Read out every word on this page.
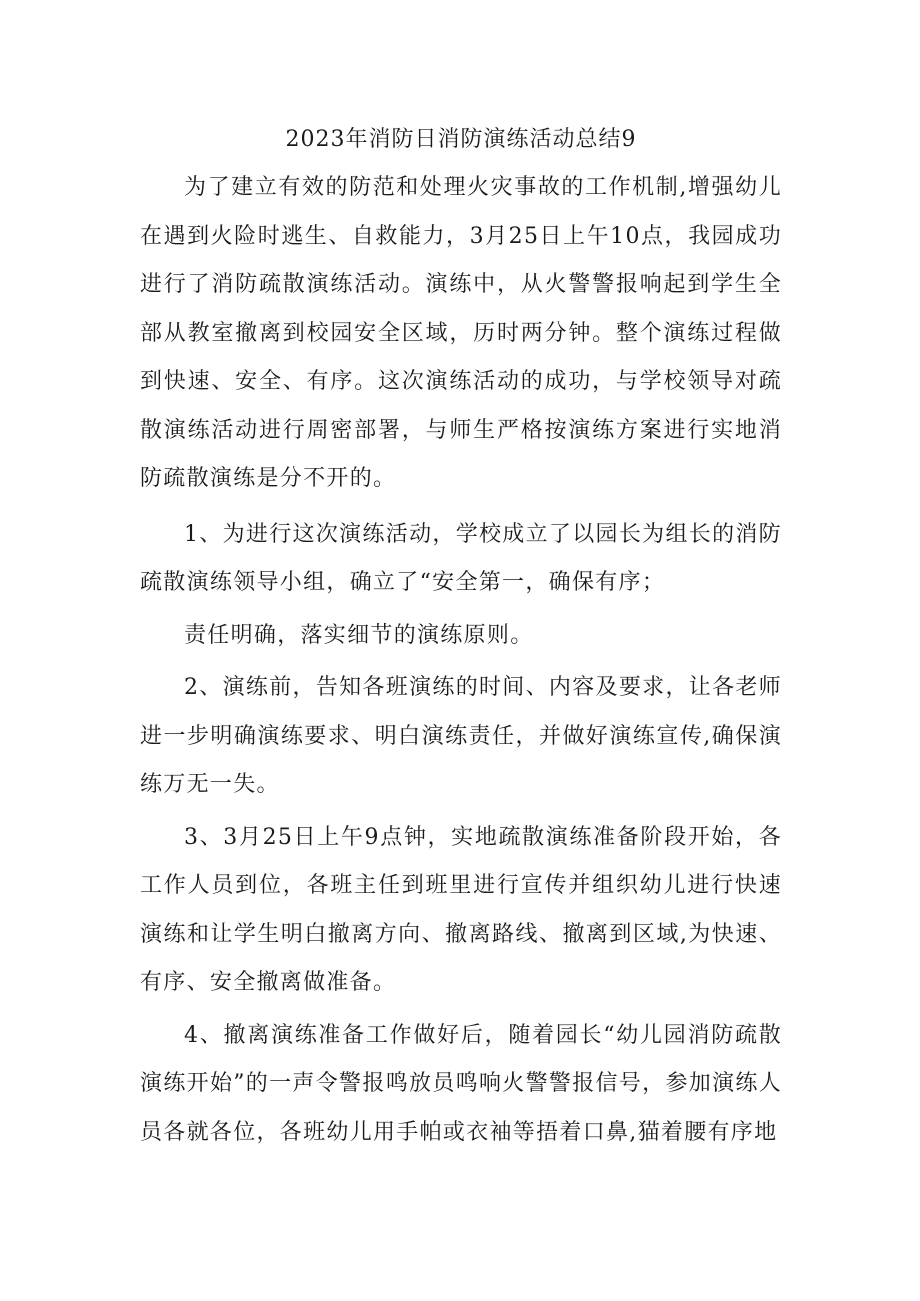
2023年消防日消防演练活动总结9

为了建立有效的防范和处理火灾事故的工作机制,增强幼儿在遇到火险时逃生、自救能力，3月25日上午10点，我园成功进行了消防疏散演练活动。演练中，从火警警报响起到学生全部从教室撤离到校园安全区域，历时两分钟。整个演练过程做到快速、安全、有序。这次演练活动的成功，与学校领导对疏散演练活动进行周密部署，与师生严格按演练方案进行实地消防疏散演练是分不开的。

1、为进行这次演练活动，学校成立了以园长为组长的消防疏散演练领导小组，确立了“安全第一，确保有序；

责任明确，落实细节的演练原则。

2、演练前，告知各班演练的时间、内容及要求，让各老师进一步明确演练要求、明白演练责任，并做好演练宣传,确保演练万无一失。

3、3月25日上午9点钟，实地疏散演练准备阶段开始，各工作人员到位，各班主任到班里进行宣传并组织幼儿进行快速演练和让学生明白撤离方向、撤离路线、撤离到区域,为快速、有序、安全撤离做准备。

4、撤离演练准备工作做好后，随着园长“幼儿园消防疏散演练开始”的一声令警报鸣放员鸣响火警警报信号，参加演练人员各就各位，各班幼儿用手帕或衣袖等捂着口鼻,猫着腰有序地
